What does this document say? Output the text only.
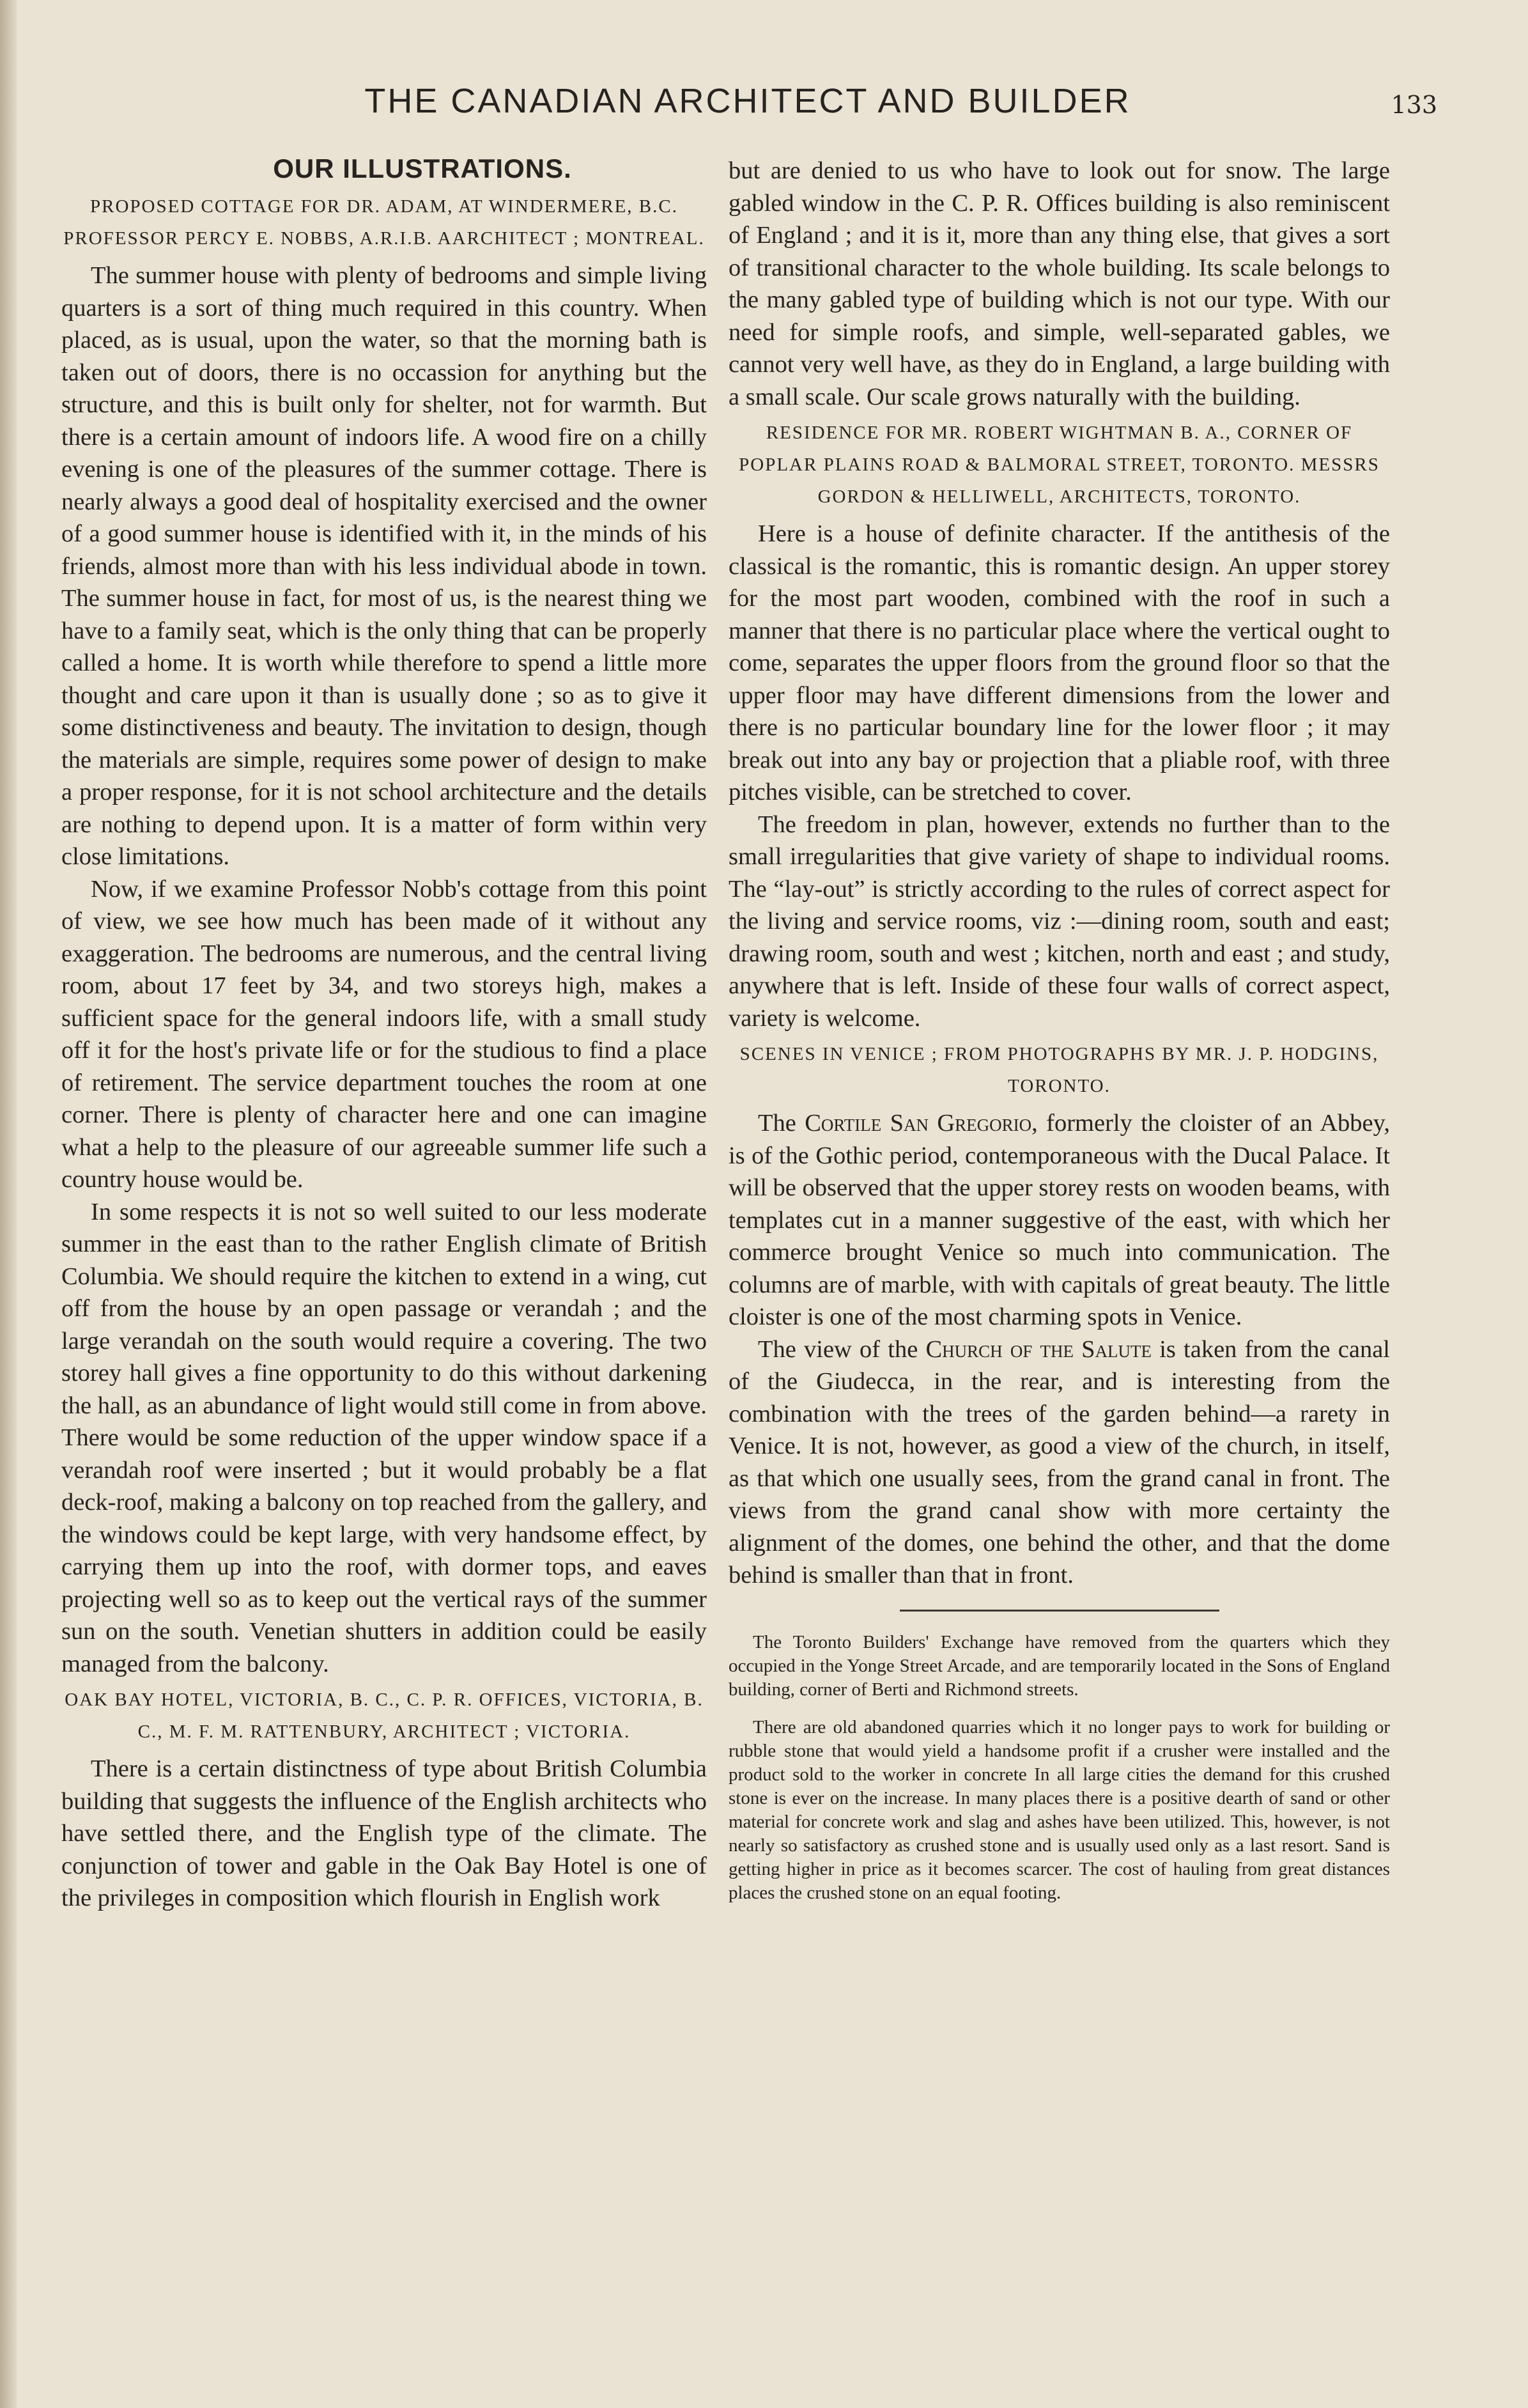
THE CANADIAN ARCHITECT AND BUILDER	133
OUR ILLUSTRATIONS.
PROPOSED COTTAGE FOR DR. ADAM, AT WINDERMERE, B.C. PROFESSOR PERCY E. NOBBS, A.R.I.B. AARCHITECT ; MONTREAL.

The summer house with plenty of bedrooms and simple living quarters is a sort of thing much required in this country. When placed, as is usual, upon the water, so that the morning bath is taken out of doors, there is no occassion for anything but the structure, and this is built only for shelter, not for warmth. But there is a certain amount of indoors life. A wood fire on a chilly evening is one of the pleasures of the summer cottage. There is nearly always a good deal of hospitality exercised and the owner of a good summer house is identified with it, in the minds of his friends, almost more than with his less individual abode in town. The summer house in fact, for most of us, is the nearest thing we have to a family seat, which is the only thing that can be properly called a home. It is worth while therefore to spend a little more thought and care upon it than is usually done ; so as to give it some distinctiveness and beauty. The invitation to design, though the materials are simple, requires some power of design to make a proper response, for it is not school architecture and the details are nothing to depend upon. It is a matter of form within very close limitations.

Now, if we examine Professor Nobb's cottage from this point of view, we see how much has been made of it without any exaggeration. The bedrooms are numerous, and the central living room, about 17 feet by 34, and two storeys high, makes a sufficient space for the general indoors life, with a small study off it for the host's private life or for the studious to find a place of retirement. The service department touches the room at one corner. There is plenty of character here and one can imagine what a help to the pleasure of our agreeable summer life such a country house would be.

In some respects it is not so well suited to our less moderate summer in the east than to the rather English climate of British Columbia. We should require the kitchen to extend in a wing, cut off from the house by an open passage or verandah ; and the large verandah on the south would require a covering. The two storey hall gives a fine opportunity to do this without darkening the hall, as an abundance of light would still come in from above. There would be some reduction of the upper window space if a verandah roof were inserted ; but it would probably be a flat deck-roof, making a balcony on top reached from the gallery, and the windows could be kept large, with very handsome effect, by carrying them up into the roof, with dormer tops, and eaves projecting well so as to keep out the vertical rays of the summer sun on the south. Venetian shutters in addition could be easily managed from the balcony.

OAK BAY HOTEL, VICTORIA, B. C., C. P. R. OFFICES, VICTORIA, B. C., M. F. M. RATTENBURY, ARCHITECT ; VICTORIA.

There is a certain distinctness of type about British Columbia building that suggests the influence of the English architects who have settled there, and the English type of the climate. The conjunction of tower and gable in the Oak Bay Hotel is one of the privileges in composition which flourish in English work

but are denied to us who have to look out for snow. The large gabled window in the C. P. R. Offices building is also reminiscent of England ; and it is it, more than any thing else, that gives a sort of transitional character to the whole building. Its scale belongs to the many gabled type of building which is not our type. With our need for simple roofs, and simple, well-separated gables, we cannot very well have, as they do in England, a large building with a small scale. Our scale grows naturally with the building.

RESIDENCE FOR MR. ROBERT WIGHTMAN B. A., CORNER OF POPLAR PLAINS ROAD & BALMORAL STREET, TORONTO. MESSRS GORDON & HELLIWELL, ARCHITECTS, TORONTO.

Here is a house of definite character. If the antithesis of the classical is the romantic, this is romantic design. An upper storey for the most part wooden, combined with the roof in such a manner that there is no particular place where the vertical ought to come, separates the upper floors from the ground floor so that the upper floor may have different dimensions from the lower and there is no particular boundary line for the lower floor ; it may break out into any bay or projection that a pliable roof, with three pitches visible, can be stretched to cover.

The freedom in plan, however, extends no further than to the small irregularities that give variety of shape to individual rooms. The “lay-out” is strictly according to the rules of correct aspect for the living and service rooms, viz :—dining room, south and east; drawing room, south and west ; kitchen, north and east ; and study, anywhere that is left. Inside of these four walls of correct aspect, variety is welcome.

SCENES IN VENICE ; FROM PHOTOGRAPHS BY MR. J. P. HODGINS, TORONTO.

The Cortile San Gregorio, formerly the cloister of an Abbey, is of the Gothic period, contemporaneous with the Ducal Palace. It will be observed that the upper storey rests on wooden beams, with templates cut in a manner suggestive of the east, with which her commerce brought Venice so much into communication. The columns are of marble, with with capitals of great beauty. The little cloister is one of the most charming spots in Venice.

The view of the Church of the Salute is taken from the canal of the Giudecca, in the rear, and is interesting from the combination with the trees of the garden behind—a rarety in Venice. It is not, however, as good a view of the church, in itself, as that which one usually sees, from the grand canal in front. The views from the grand canal show with more certainty the alignment of the domes, one behind the other, and that the dome behind is smaller than that in front.

The Toronto Builders' Exchange have removed from the quarters which they occupied in the Yonge Street Arcade, and are temporarily located in the Sons of England building, corner of Berti and Richmond streets.

There are old abandoned quarries which it no longer pays to work for building or rubble stone that would yield a handsome profit if a crusher were installed and the product sold to the worker in concrete In all large cities the demand for this crushed stone is ever on the increase. In many places there is a positive dearth of sand or other material for concrete work and slag and ashes have been utilized. This, however, is not nearly so satisfactory as crushed stone and is usually used only as a last resort. Sand is getting higher in price as it becomes scarcer. The cost of hauling from great distances places the crushed stone on an equal footing.
